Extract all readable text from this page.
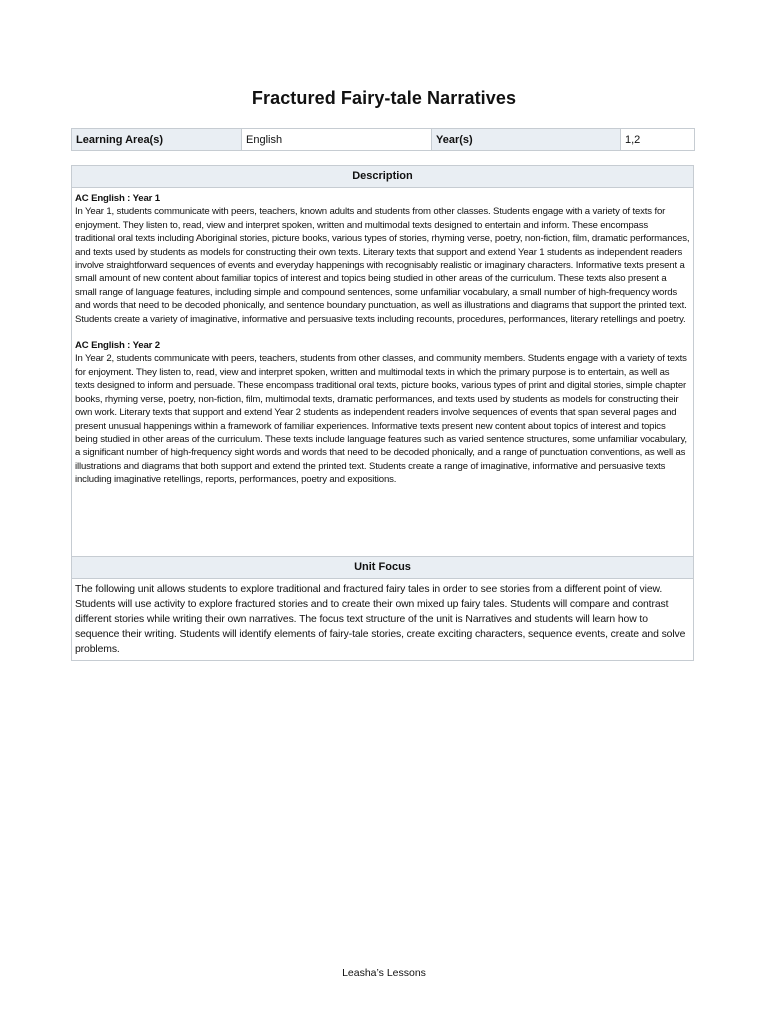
Fractured Fairy-tale Narratives
Learning Area(s)	English	Year(s)	1,2
Description

AC English : Year 1

In Year 1, students communicate with peers, teachers, known adults and students from other classes. Students engage with a variety of texts for enjoyment. They listen to, read, view and interpret spoken, written and multimodal texts designed to entertain and inform. These encompass traditional oral texts including Aboriginal stories, picture books, various types of stories, rhyming verse, poetry, non-fiction, film, dramatic performances, and texts used by students as models for constructing their own texts. Literary texts that support and extend Year 1 students as independent readers involve straightforward sequences of events and everyday happenings with recognisably realistic or imaginary characters. Informative texts present a small amount of new content about familiar topics of interest and topics being studied in other areas of the curriculum. These texts also present a small range of language features, including simple and compound sentences, some unfamiliar vocabulary, a small number of high-frequency words and words that need to be decoded phonically, and sentence boundary punctuation, as well as illustrations and diagrams that support the printed text. Students create a variety of imaginative, informative and persuasive texts including recounts, procedures, performances, literary retellings and poetry.

AC English : Year 2

In Year 2, students communicate with peers, teachers, students from other classes, and community members. Students engage with a variety of texts for enjoyment. They listen to, read, view and interpret spoken, written and multimodal texts in which the primary purpose is to entertain, as well as texts designed to inform and persuade. These encompass traditional oral texts, picture books, various types of print and digital stories, simple chapter books, rhyming verse, poetry, non-fiction, film, multimodal texts, dramatic performances, and texts used by students as models for constructing their own work. Literary texts that support and extend Year 2 students as independent readers involve sequences of events that span several pages and present unusual happenings within a framework of familiar experiences. Informative texts present new content about topics of interest and topics being studied in other areas of the curriculum. These texts include language features such as varied sentence structures, some unfamiliar vocabulary, a significant number of high-frequency sight words and words that need to be decoded phonically, and a range of punctuation conventions, as well as illustrations and diagrams that both support and extend the printed text. Students create a range of imaginative, informative and persuasive texts including imaginative retellings, reports, performances, poetry and expositions.

Unit Focus
The following unit allows students to explore traditional and fractured fairy tales in order to see stories from a different point of view. Students will use activity to explore fractured stories and to create their own mixed up fairy tales. Students will compare and contrast different stories while writing their own narratives. The focus text structure of the unit is Narratives and students will learn how to sequence their writing. Students will identify elements of fairy-tale stories, create exciting characters, sequence events, create and solve problems.
Leasha’s Lessons
